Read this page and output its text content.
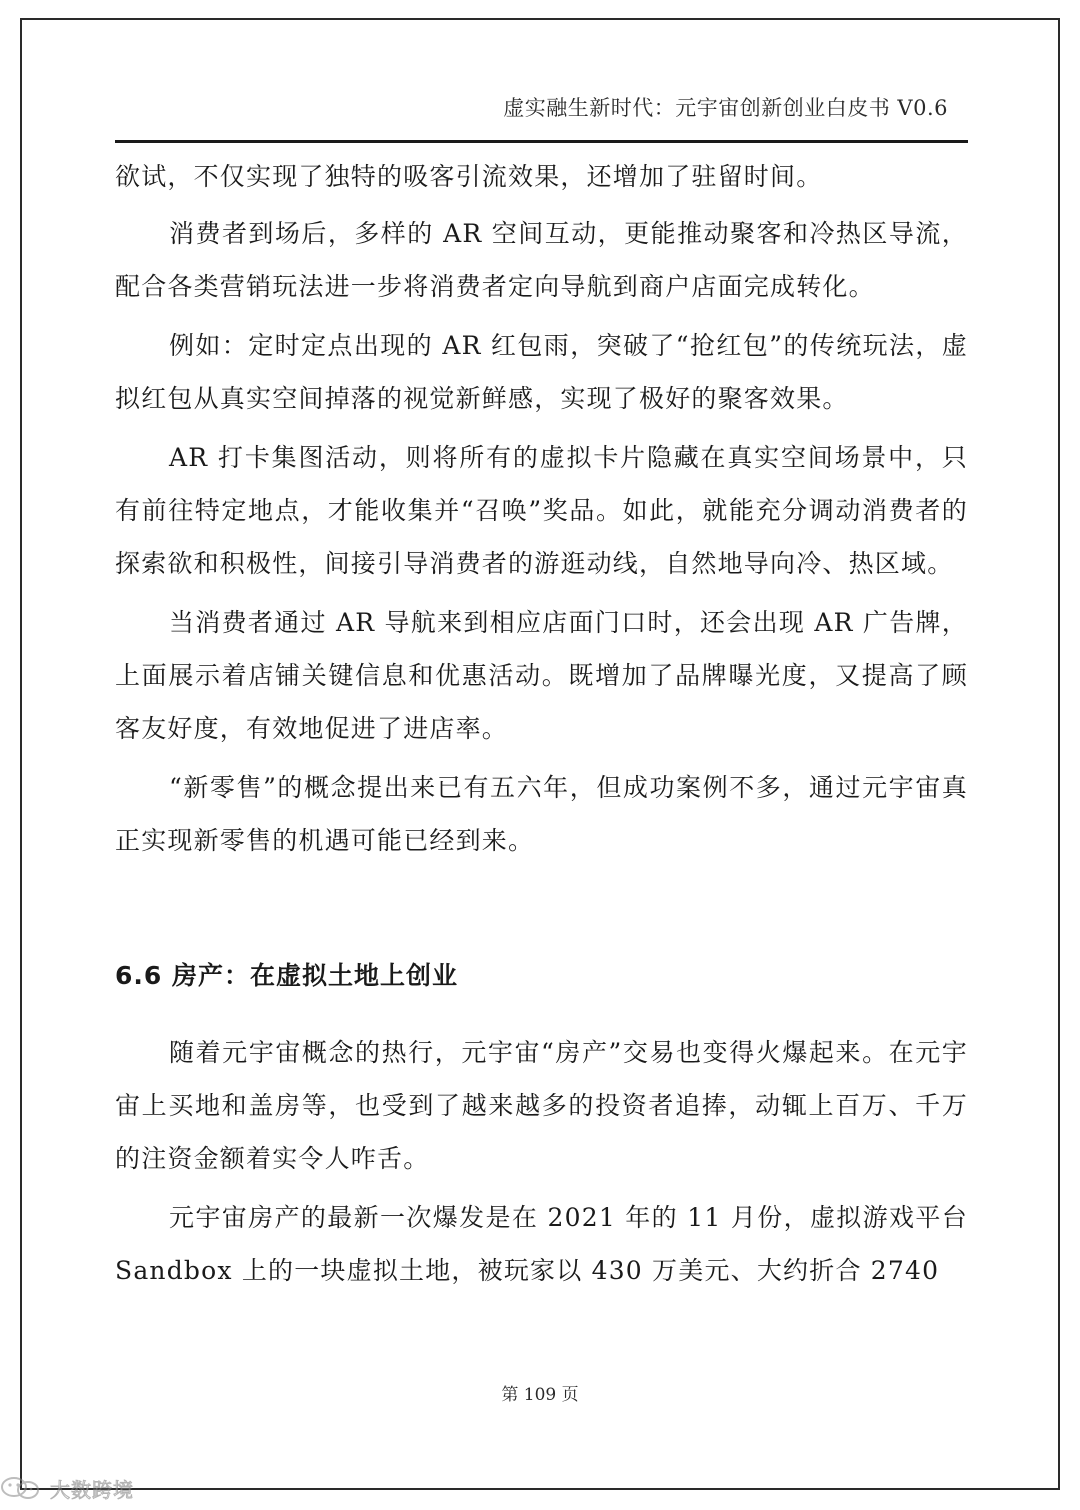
虚实融生新时代：元宇宙创新创业白皮书 V0.6

欲试，不仅实现了独特的吸客引流效果，还增加了驻留时间。

消费者到场后，多样的 AR 空间互动，更能推动聚客和冷热区导流，配合各类营销玩法进一步将消费者定向导航到商户店面完成转化。

例如：定时定点出现的 AR 红包雨，突破了“抢红包”的传统玩法，虚拟红包从真实空间掉落的视觉新鲜感，实现了极好的聚客效果。

AR 打卡集图活动，则将所有的虚拟卡片隐藏在真实空间场景中，只有前往特定地点，才能收集并“召唤”奖品。如此，就能充分调动消费者的探索欲和积极性，间接引导消费者的游逛动线，自然地导向冷、热区域。

当消费者通过 AR 导航来到相应店面门口时，还会出现 AR 广告牌，上面展示着店铺关键信息和优惠活动。既增加了品牌曝光度，又提高了顾客友好度，有效地促进了进店率。

“新零售”的概念提出来已有五六年，但成功案例不多，通过元宇宙真正实现新零售的机遇可能已经到来。

6.6 房产：在虚拟土地上创业

随着元宇宙概念的热行，元宇宙“房产”交易也变得火爆起来。在元宇宙上买地和盖房等，也受到了越来越多的投资者追捧，动辄上百万、千万的注资金额着实令人咋舌。

元宇宙房产的最新一次爆发是在 2021 年的 11 月份，虚拟游戏平台 Sandbox 上的一块虚拟土地，被玩家以 430 万美元、大约折合 2740

第 109 页
大数跨境
